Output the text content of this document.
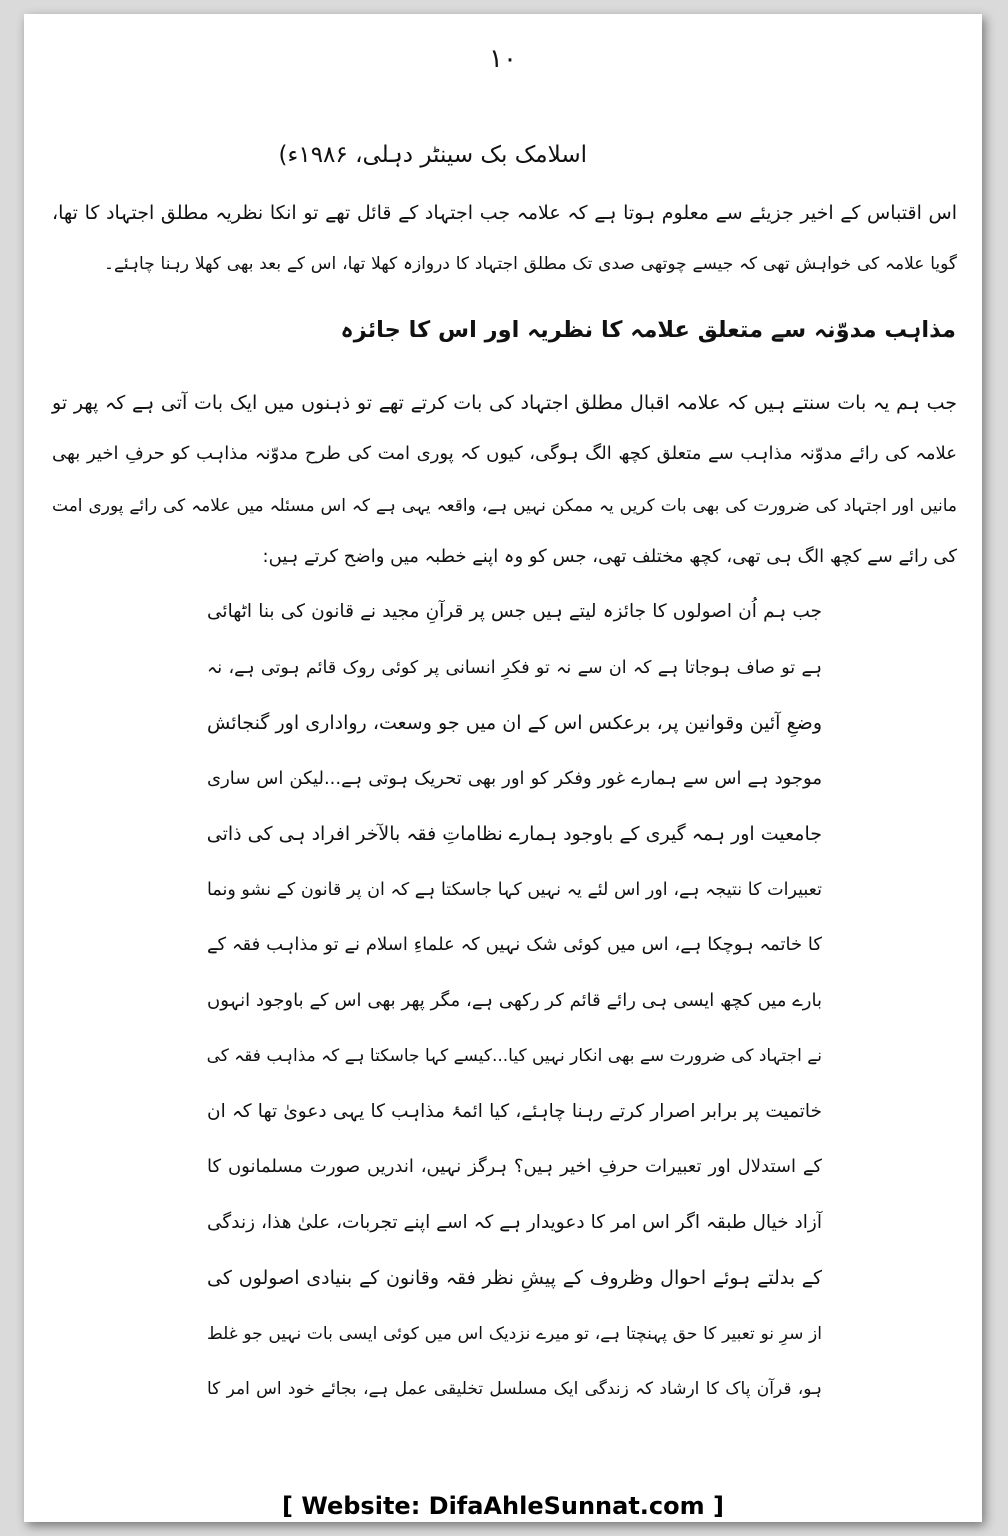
۱۰

اسلامک بک سینٹر دہلی، ۱۹۸۶ء)

اس اقتباس کے اخیر جزیئے سے معلوم ہوتا ہے کہ علامہ جب اجتہاد کے قائل تھے تو انکا نظریہ مطلق اجتہاد کا تھا،

گویا علامہ کی خواہش تھی کہ جیسے چوتھی صدی تک مطلق اجتہاد کا دروازہ کھلا تھا، اس کے بعد بھی کھلا رہنا چاہئے۔

مذاہب مدوّنہ سے متعلق علامہ کا نظریہ اور اس کا جائزہ

جب ہم یہ بات سنتے ہیں کہ علامہ اقبال مطلق اجتہاد کی بات کرتے تھے تو ذہنوں میں ایک بات آتی ہے کہ پھر تو

علامہ کی رائے مدوّنہ مذاہب سے متعلق کچھ الگ ہوگی، کیوں کہ پوری امت کی طرح مدوّنہ مذاہب کو حرفِ اخیر بھی

مانیں اور اجتہاد کی ضرورت کی بھی بات کریں یہ ممکن نہیں ہے، واقعہ یہی ہے کہ اس مسئلہ میں علامہ کی رائے پوری امت

کی رائے سے کچھ الگ ہی تھی، کچھ مختلف تھی، جس کو وہ اپنے خطبہ میں واضح کرتے ہیں:

جب ہم اُن اصولوں کا جائزہ لیتے ہیں جس پر قرآنِ مجید نے قانون کی بنا اٹھائی

ہے تو صاف ہوجاتا ہے کہ ان سے نہ تو فکرِ انسانی پر کوئی روک قائم ہوتی ہے، نہ

وضعِ آئین وقوانین پر، برعکس اس کے ان میں جو وسعت، رواداری اور گنجائش

موجود ہے اس سے ہمارے غور وفکر کو اور بھی تحریک ہوتی ہے...لیکن اس ساری

جامعیت اور ہمہ گیری کے باوجود ہمارے نظاماتِ فقہ بالآخر افراد ہی کی ذاتی

تعبیرات کا نتیجہ ہے، اور اس لئے یہ نہیں کہا جاسکتا ہے کہ ان پر قانون کے نشو ونما

کا خاتمہ ہوچکا ہے، اس میں کوئی شک نہیں کہ علماءِ اسلام نے تو مذاہب فقہ کے

بارے میں کچھ ایسی ہی رائے قائم کر رکھی ہے، مگر پھر بھی اس کے باوجود انہوں

نے اجتہاد کی ضرورت سے بھی انکار نہیں کیا...کیسے کہا جاسکتا ہے کہ مذاہب فقہ کی

خاتمیت پر برابر اصرار کرتے رہنا چاہئے، کیا ائمۂ مذاہب کا یہی دعویٰ تھا کہ ان

کے استدلال اور تعبیرات حرفِ اخیر ہیں؟ ہرگز نہیں، اندریں صورت مسلمانوں کا

آزاد خیال طبقہ اگر اس امر کا دعویدار ہے کہ اسے اپنے تجربات، علیٰ ھذا، زندگی

کے بدلتے ہوئے احوال وظروف کے پیشِ نظر فقہ وقانون کے بنیادی اصولوں کی

از سرِ نو تعبیر کا حق پہنچتا ہے، تو میرے نزدیک اس میں کوئی ایسی بات نہیں جو غلط

ہو، قرآن پاک کا ارشاد کہ زندگی ایک مسلسل تخلیقی عمل ہے، بجائے خود اس امر کا

[ Website: DifaAhleSunnat.com ]
